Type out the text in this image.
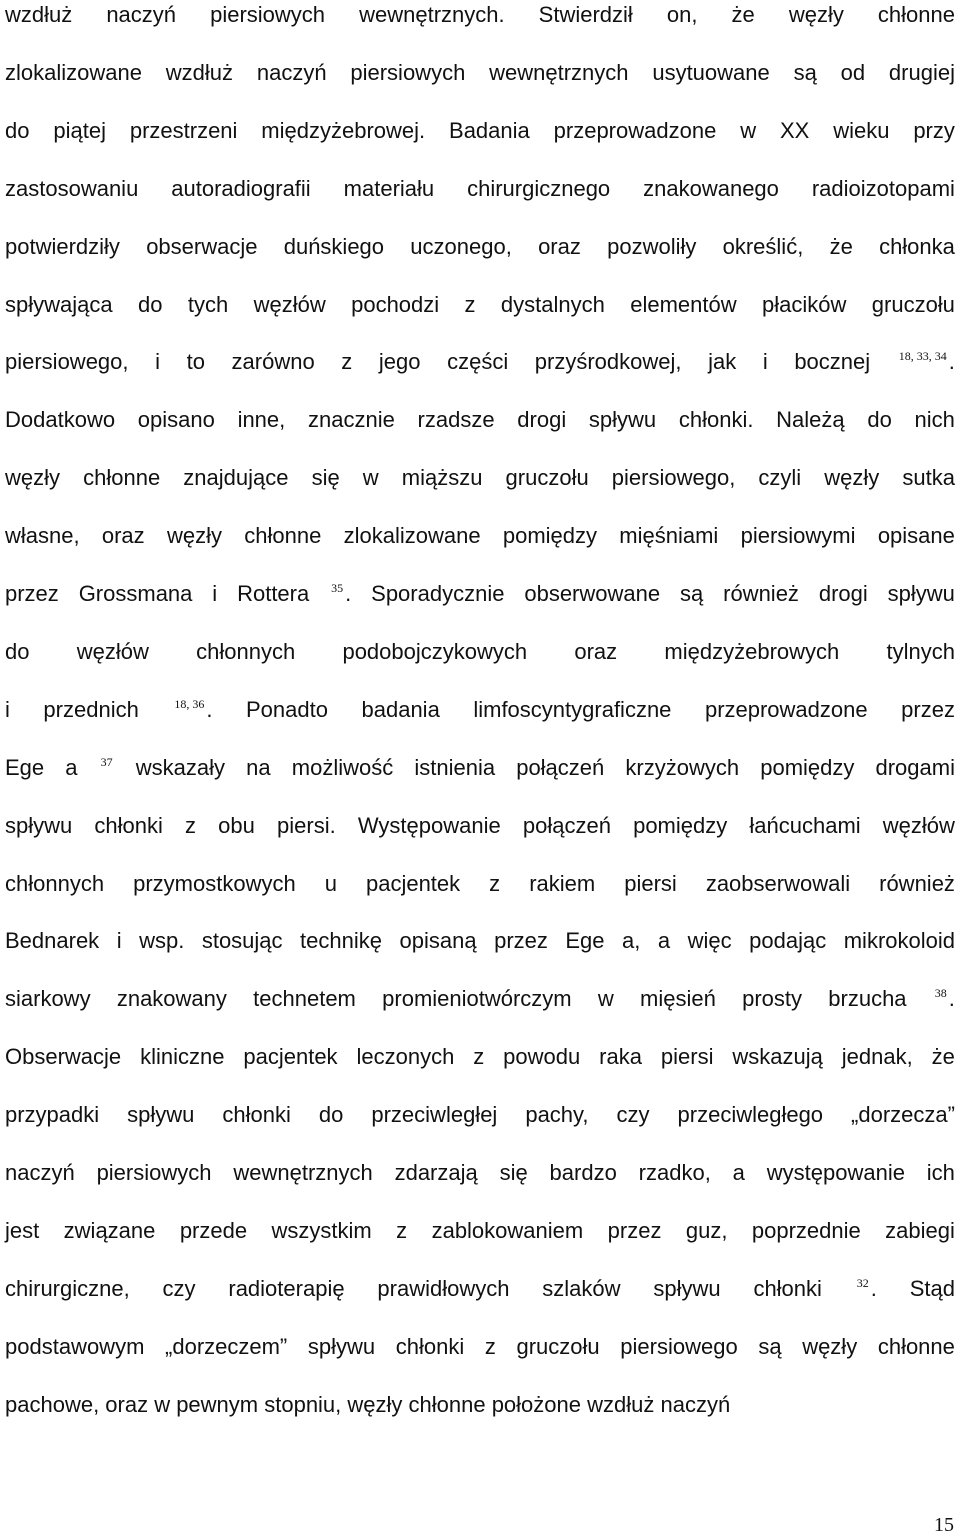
wzdłuż naczyń piersiowych wewnętrznych. Stwierdził on, że węzły chłonne
zlokalizowane wzdłuż naczyń piersiowych wewnętrznych usytuowane są od drugiej
do piątej przestrzeni międzyżebrowej. Badania przeprowadzone w XX wieku przy
zastosowaniu autoradiografii materiału chirurgicznego znakowanego radioizotopami
potwierdziły obserwacje duńskiego uczonego, oraz pozwoliły określić, że chłonka
spływająca do tych węzłów pochodzi z dystalnych elementów płacików gruczołu
piersiowego, i to zarówno z jego części przyśrodkowej, jak i bocznej $^{18, 33, 34}$.
Dodatkowo opisano inne, znacznie rzadsze drogi spływu chłonki. Należą do nich
węzły chłonne znajdujące się w miąższu gruczołu piersiowego, czyli węzły sutka
własne, oraz węzły chłonne zlokalizowane pomiędzy mięśniami piersiowymi opisane
przez Grossmana i Rottera $^{35}$. Sporadycznie obserwowane są również drogi spływu
do węzłów chłonnych podobojczykowych oraz międzyżebrowych tylnych
i przednich	$^{18, 36}$. Ponadto badania limfoscyntygraficzne przeprowadzone przez
Ege a $^{37}$ wskazały na możliwość istnienia połączeń krzyżowych pomiędzy drogami
spływu chłonki z obu piersi. Występowanie połączeń pomiędzy łańcuchami węzłów
chłonnych przymostkowych u pacjentek z rakiem piersi zaobserwowali również
Bednarek i wsp. stosując technikę opisaną przez Ege a, a więc podając mikrokoloid
siarkowy znakowany technetem promieniotwórczym w mięsień prosty brzucha $^{38}$.
Obserwacje kliniczne pacjentek leczonych z powodu raka piersi wskazują jednak, że
przypadki spływu chłonki do przeciwległej pachy, czy przeciwległego „dorzecza”
naczyń piersiowych wewnętrznych zdarzają się bardzo rzadko, a występowanie ich
jest związane przede wszystkim z zablokowaniem przez guz, poprzednie zabiegi
chirurgiczne, czy radioterapię prawidłowych szlaków spływu chłonki	$^{32}$. Stąd
podstawowym „dorzeczem” spływu chłonki z gruczołu piersiowego są węzły chłonne
pachowe, oraz w pewnym stopniu, węzły chłonne położone wzdłuż naczyń
15
